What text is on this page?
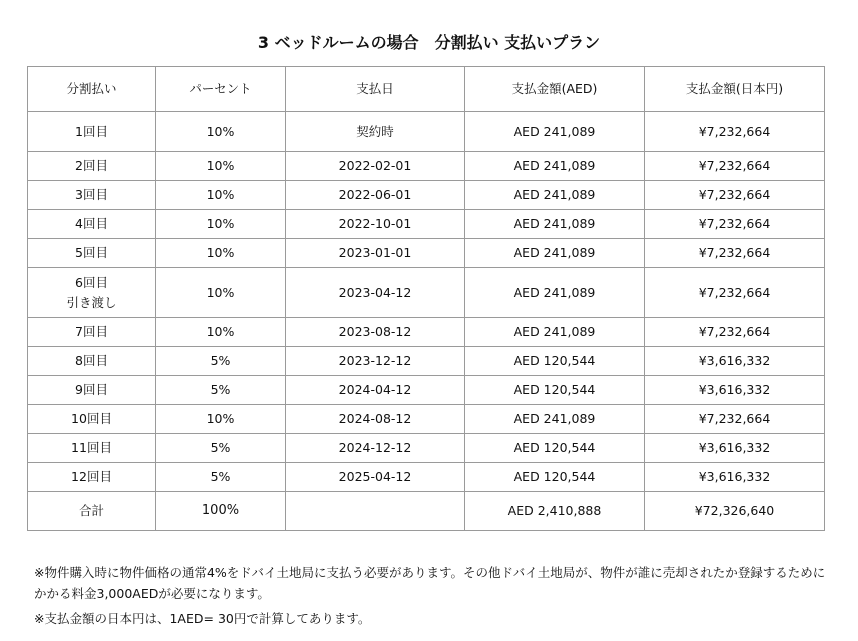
3 ベッドルームの場合　分割払い 支払いプラン
分割払い	パーセント	支払日	支払金額(AED)	支払金額(日本円)
1回目	10%	契約時	AED 241,089	¥7,232,664
2回目	10%	2022-02-01	AED 241,089	¥7,232,664
3回目	10%	2022-06-01	AED 241,089	¥7,232,664
4回目	10%	2022-10-01	AED 241,089	¥7,232,664
5回目	10%	2023-01-01	AED 241,089	¥7,232,664

6回目
引き渡し	10%	2023-04-12	AED 241,089	¥7,232,664
7回目	10%	2023-08-12	AED 241,089	¥7,232,664
8回目	5%	2023-12-12	AED 120,544	¥3,616,332
9回目	5%	2024-04-12	AED 120,544	¥3,616,332
10回目	10%	2024-08-12	AED 241,089	¥7,232,664
11回目	5%	2024-12-12	AED 120,544	¥3,616,332
12回目	5%	2025-04-12	AED 120,544	¥3,616,332
合計	100%		AED 2,410,888	¥72,326,640

※物件購入時に物件価格の通常4%をドバイ土地局に支払う必要があります。その他ドバイ土地局が、物件が誰に売却されたか登録するためにかかる料金3,000AEDが必要になります。

※支払金額の日本円は、1AED= 30円で計算してあります。
